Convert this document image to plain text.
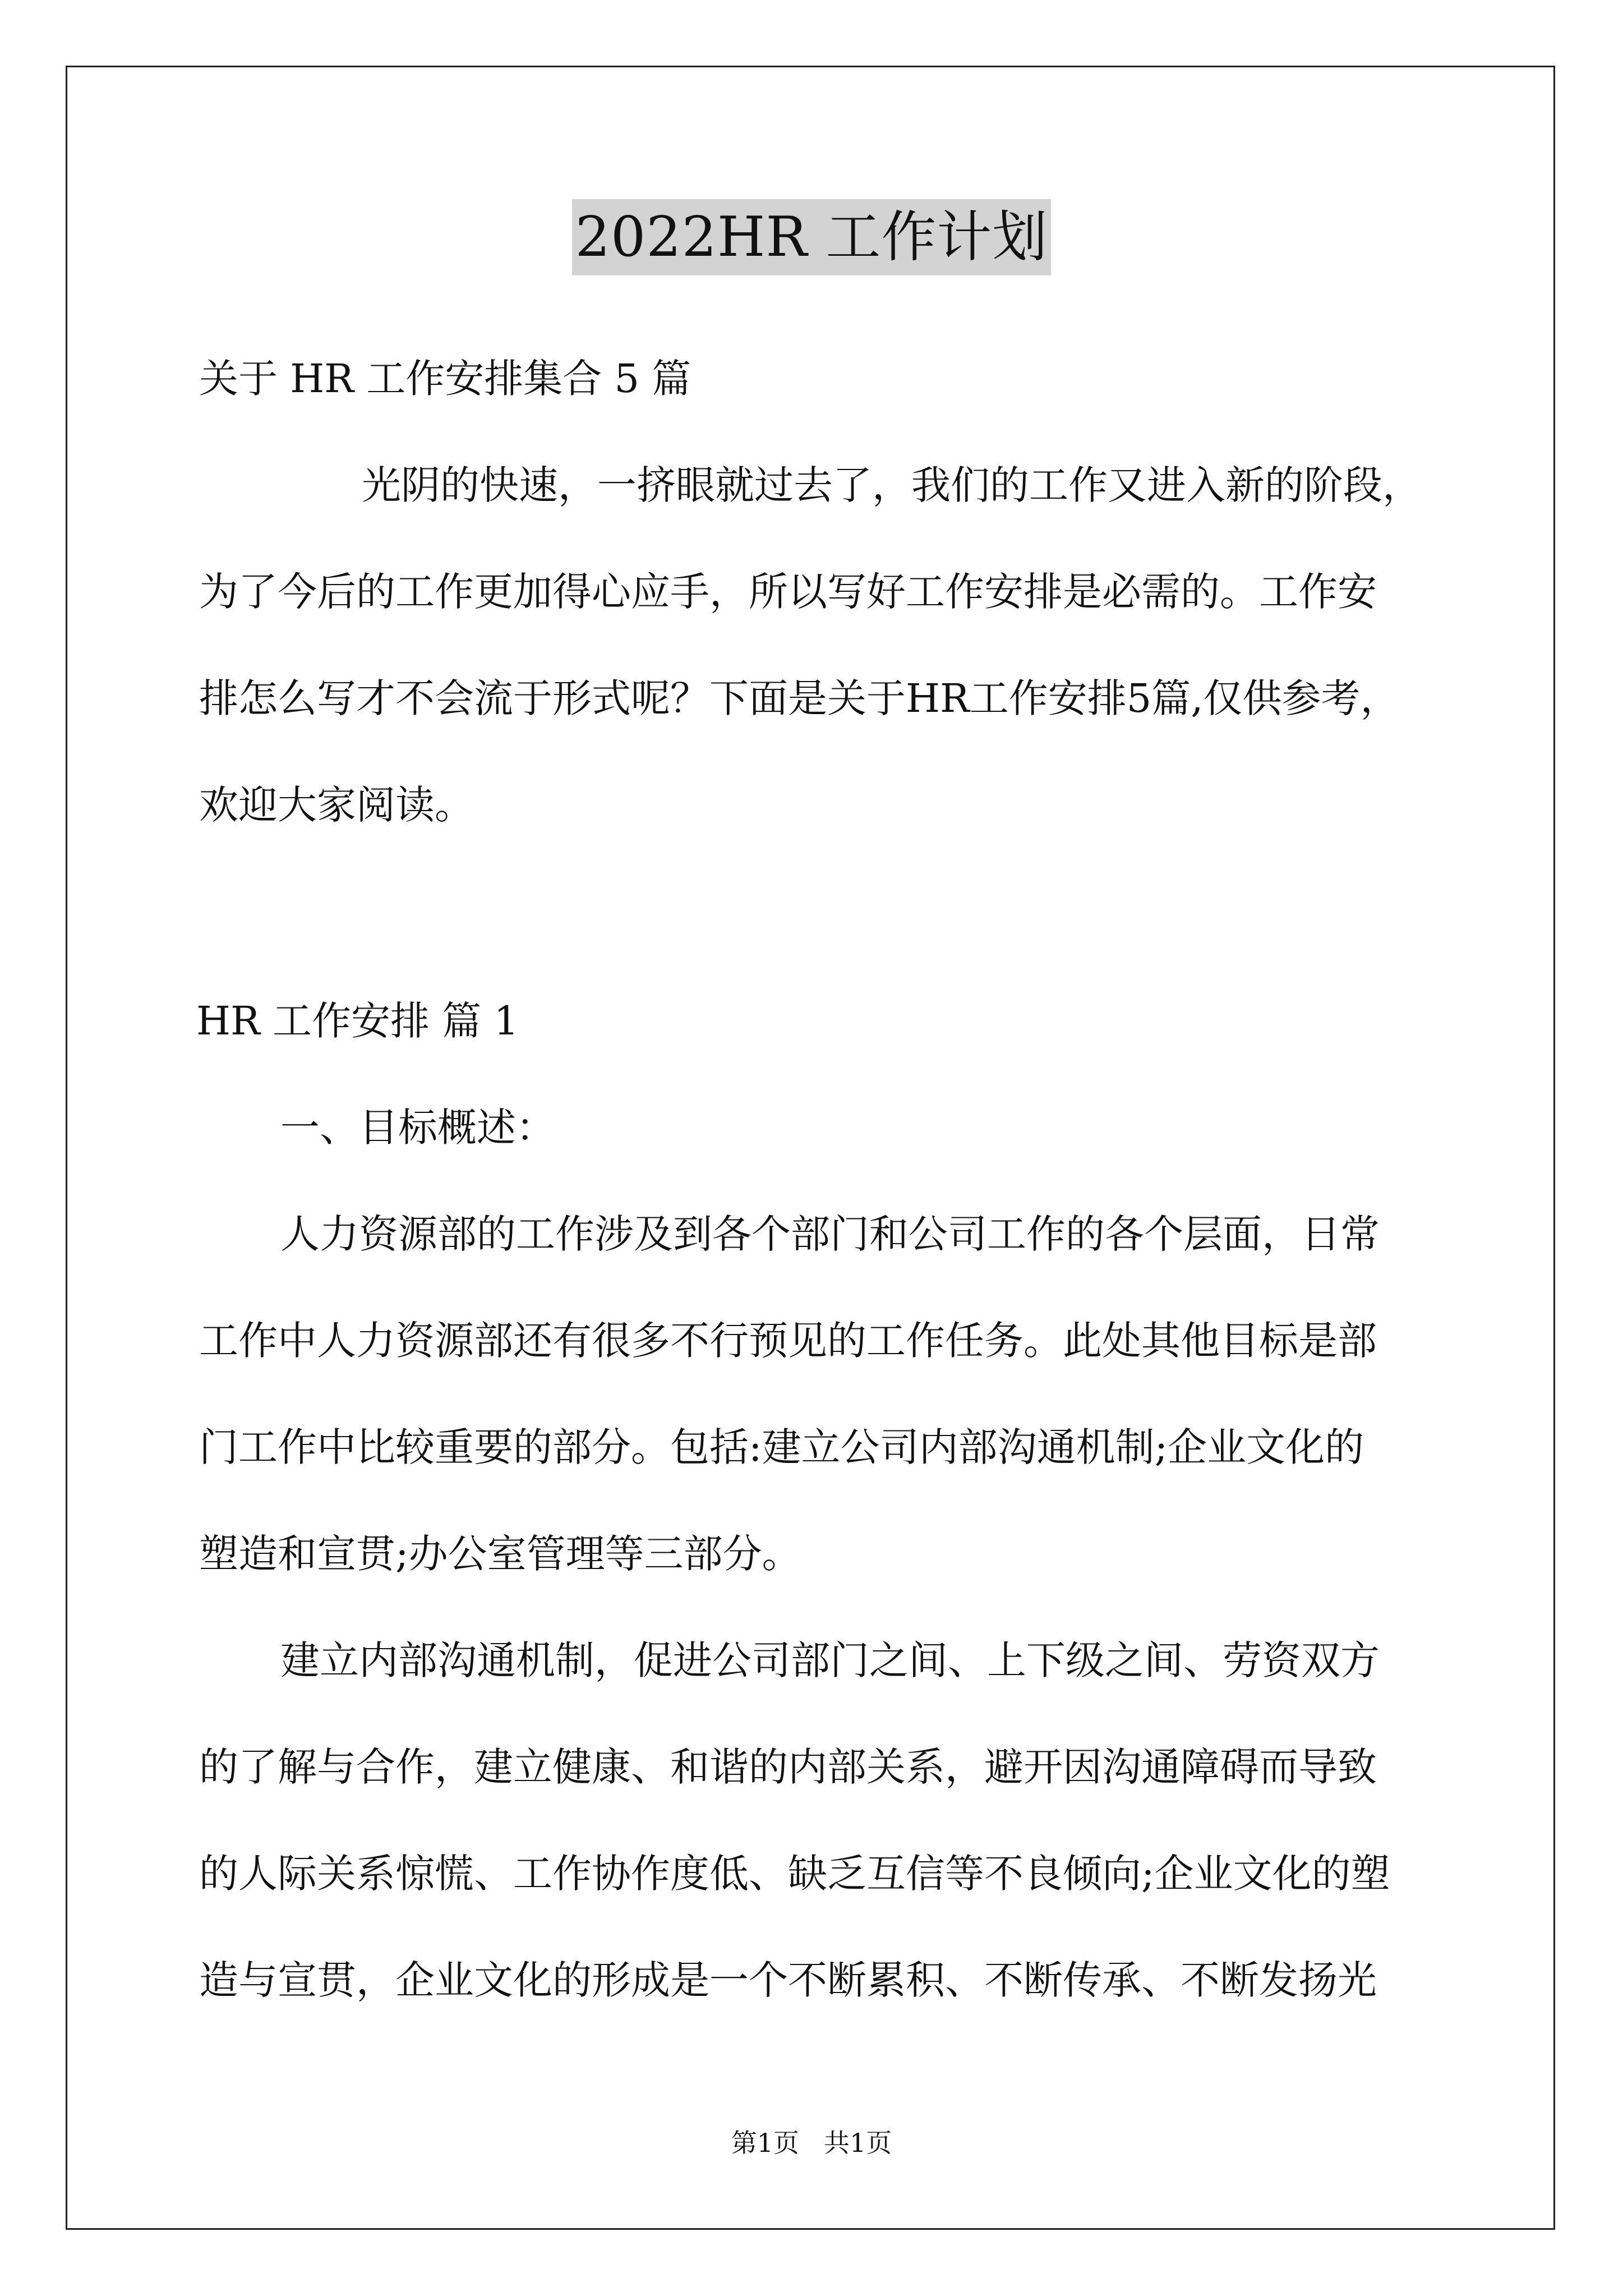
2022HR 工作计划
关于 HR 工作安排集合 5 篇
光阴的快速，一挤眼就过去了，我们的工作又进入新的阶段，
为了今后的工作更加得心应手，所以写好工作安排是必需的。工作安
排怎么写才不会流于形式呢？下面是关于HR工作安排5篇,仅供参考，
欢迎大家阅读。
HR 工作安排 篇 1
一、目标概述：
人力资源部的工作涉及到各个部门和公司工作的各个层面，日常
工作中人力资源部还有很多不行预见的工作任务。此处其他目标是部
门工作中比较重要的部分。包括:建立公司内部沟通机制;企业文化的
塑造和宣贯;办公室管理等三部分。
建立内部沟通机制，促进公司部门之间、上下级之间、劳资双方
的了解与合作，建立健康、和谐的内部关系，避开因沟通障碍而导致
的人际关系惊慌、工作协作度低、缺乏互信等不良倾向;企业文化的塑
造与宣贯，企业文化的形成是一个不断累积、不断传承、不断发扬光
第1页 共1页
